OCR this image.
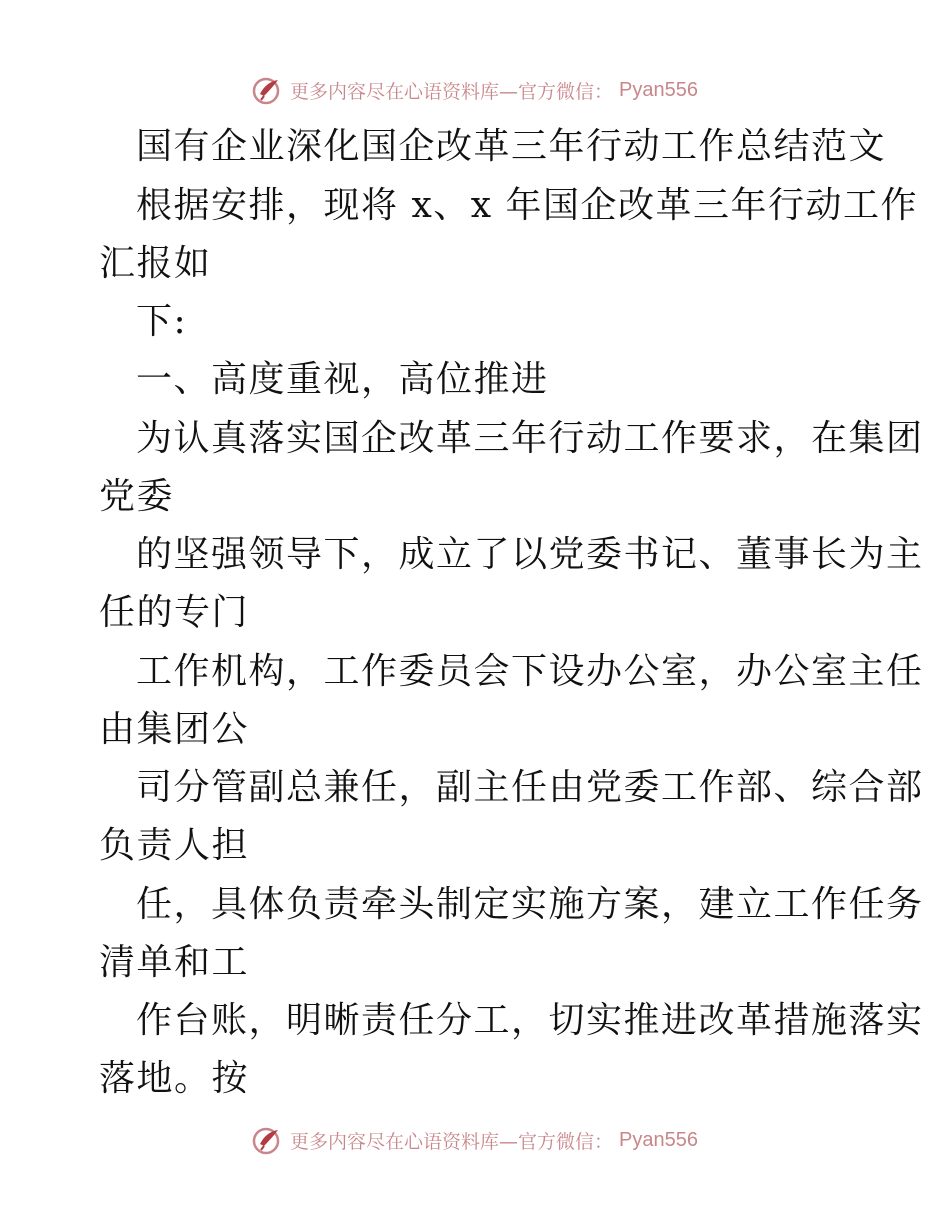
更多内容尽在心语资料库—官方微信： Pyan556

国有企业深化国企改革三年行动工作总结范文

根据安排，现将 x、x 年国企改革三年行动工作

汇报如

下:

一、高度重视，高位推进

为认真落实国企改革三年行动工作要求，在集团

党委

的坚强领导下，成立了以党委书记、董事长为主

任的专门

工作机构，工作委员会下设办公室，办公室主任

由集团公

司分管副总兼任，副主任由党委工作部、综合部

负责人担

任，具体负责牵头制定实施方案，建立工作任务

清单和工

作台账，明晰责任分工，切实推进改革措施落实

落地。按

更多内容尽在心语资料库—官方微信： Pyan556
